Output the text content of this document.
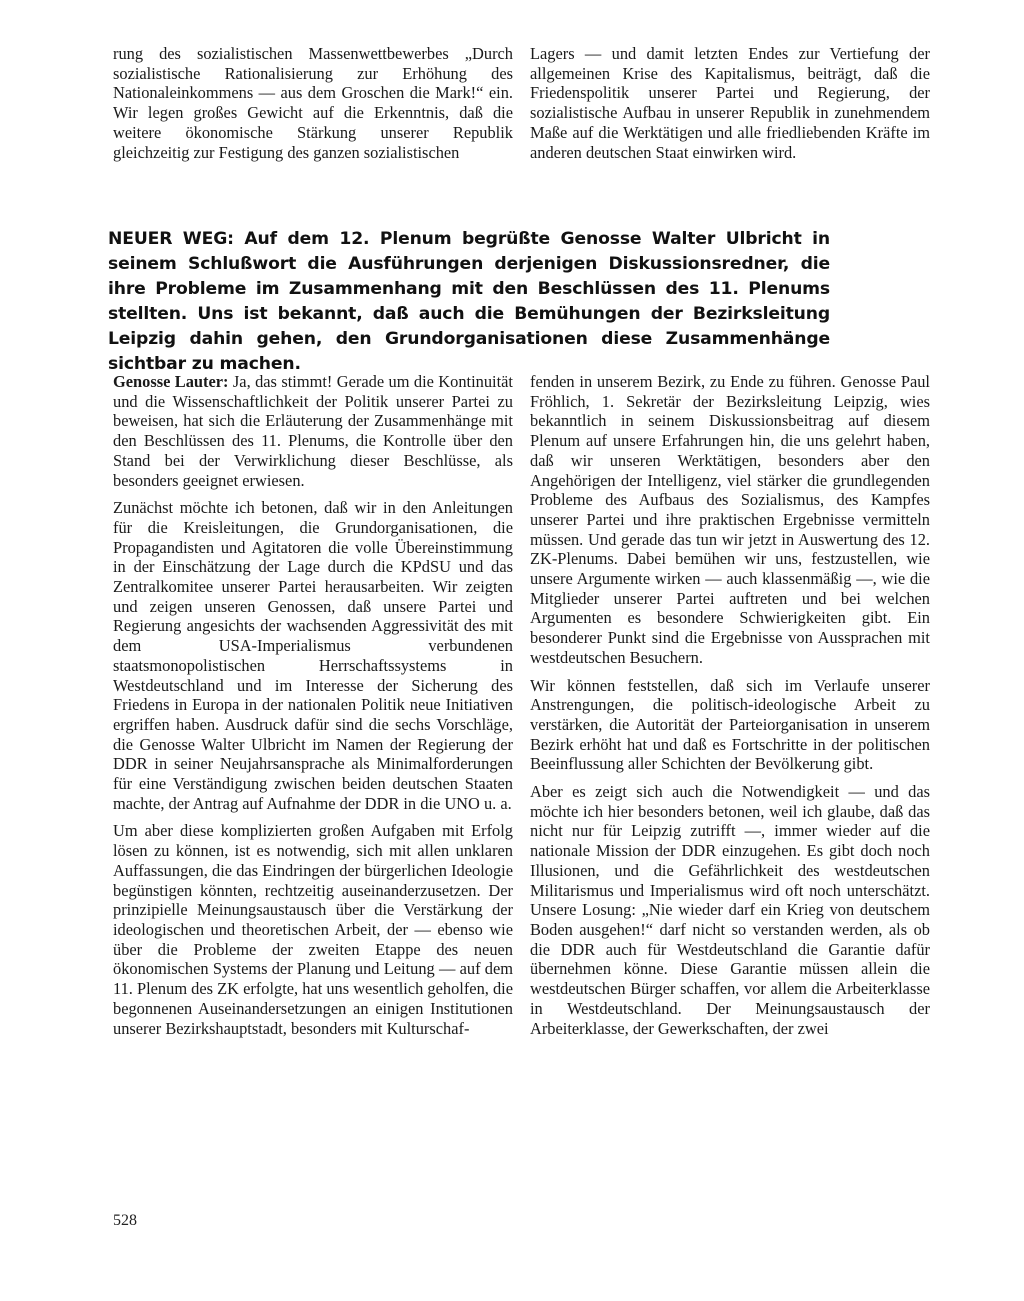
rung des sozialistischen Massenwettbewerbes „Durch sozialistische Rationalisierung zur Erhöhung des Nationaleinkommens — aus dem Groschen die Mark!“ ein. Wir legen großes Gewicht auf die Erkenntnis, daß die weitere ökonomische Stärkung unserer Republik gleichzeitig zur Festigung des ganzen sozialistischen

Lagers — und damit letzten Endes zur Vertiefung der allgemeinen Krise des Kapitalismus, beiträgt, daß die Friedenspolitik unserer Partei und Regierung, der sozialistische Aufbau in unserer Republik in zunehmendem Maße auf die Werktätigen und alle friedliebenden Kräfte im anderen deutschen Staat einwirken wird.

NEUER WEG: Auf dem 12. Plenum begrüßte Genosse Walter Ulbricht in seinem Schlußwort die Ausführungen derjenigen Diskussionsredner, die ihre Probleme im Zusammenhang mit den Beschlüssen des 11. Plenums stellten. Uns ist bekannt, daß auch die Bemühungen der Bezirksleitung Leipzig dahin gehen, den Grundorganisationen diese Zusammenhänge sichtbar zu machen.

Genosse Lauter: Ja, das stimmt! Gerade um die Kontinuität und die Wissenschaftlichkeit der Politik unserer Partei zu beweisen, hat sich die Erläuterung der Zusammenhänge mit den Beschlüssen des 11. Plenums, die Kontrolle über den Stand bei der Verwirklichung dieser Beschlüsse, als besonders geeignet erwiesen.

Zunächst möchte ich betonen, daß wir in den Anleitungen für die Kreisleitungen, die Grundorganisationen, die Propagandisten und Agitatoren die volle Übereinstimmung in der Einschätzung der Lage durch die KPdSU und das Zentralkomitee unserer Partei herausarbeiten. Wir zeigten und zeigen unseren Genossen, daß unsere Partei und Regierung angesichts der wachsenden Aggressivität des mit dem USA-Imperialismus verbundenen staatsmonopolistischen Herrschaftssystems in Westdeutschland und im Interesse der Sicherung des Friedens in Europa in der nationalen Politik neue Initiativen ergriffen haben. Ausdruck dafür sind die sechs Vorschläge, die Genosse Walter Ulbricht im Namen der Regierung der DDR in seiner Neujahrsansprache als Minimalforderungen für eine Verständigung zwischen beiden deutschen Staaten machte, der Antrag auf Aufnahme der DDR in die UNO u. a.

Um aber diese komplizierten großen Aufgaben mit Erfolg lösen zu können, ist es notwendig, sich mit allen unklaren Auffassungen, die das Eindringen der bürgerlichen Ideologie begünstigen könnten, rechtzeitig auseinanderzusetzen. Der prinzipielle Meinungsaustausch über die Verstärkung der ideologischen und theoretischen Arbeit, der — ebenso wie über die Probleme der zweiten Etappe des neuen ökonomischen Systems der Planung und Leitung — auf dem 11. Plenum des ZK erfolgte, hat uns wesentlich geholfen, die begonnenen Auseinandersetzungen an einigen Institutionen unserer Bezirkshauptstadt, besonders mit Kulturschaf-

fenden in unserem Bezirk, zu Ende zu führen. Genosse Paul Fröhlich, 1. Sekretär der Bezirksleitung Leipzig, wies bekanntlich in seinem Diskussionsbeitrag auf diesem Plenum auf unsere Erfahrungen hin, die uns gelehrt haben, daß wir unseren Werktätigen, besonders aber den Angehörigen der Intelligenz, viel stärker die grundlegenden Probleme des Aufbaus des Sozialismus, des Kampfes unserer Partei und ihre praktischen Ergebnisse vermitteln müssen. Und gerade das tun wir jetzt in Auswertung des 12. ZK-Plenums. Dabei bemühen wir uns, festzustellen, wie unsere Argumente wirken — auch klassenmäßig —, wie die Mitglieder unserer Partei auftreten und bei welchen Argumenten es besondere Schwierigkeiten gibt. Ein besonderer Punkt sind die Ergebnisse von Aussprachen mit westdeutschen Besuchern.

Wir können feststellen, daß sich im Verlaufe unserer Anstrengungen, die politisch-ideologische Arbeit zu verstärken, die Autorität der Parteiorganisation in unserem Bezirk erhöht hat und daß es Fortschritte in der politischen Beeinflussung aller Schichten der Bevölkerung gibt.

Aber es zeigt sich auch die Notwendigkeit — und das möchte ich hier besonders betonen, weil ich glaube, daß das nicht nur für Leipzig zutrifft —, immer wieder auf die nationale Mission der DDR einzugehen. Es gibt doch noch Illusionen, und die Gefährlichkeit des westdeutschen Militarismus und Imperialismus wird oft noch unterschätzt. Unsere Losung: „Nie wieder darf ein Krieg von deutschem Boden ausgehen!“ darf nicht so verstanden werden, als ob die DDR auch für Westdeutschland die Garantie dafür übernehmen könne. Diese Garantie müssen allein die westdeutschen Bürger schaffen, vor allem die Arbeiterklasse in Westdeutschland. Der Meinungsaustausch der Arbeiterklasse, der Gewerkschaften, der zwei

528
